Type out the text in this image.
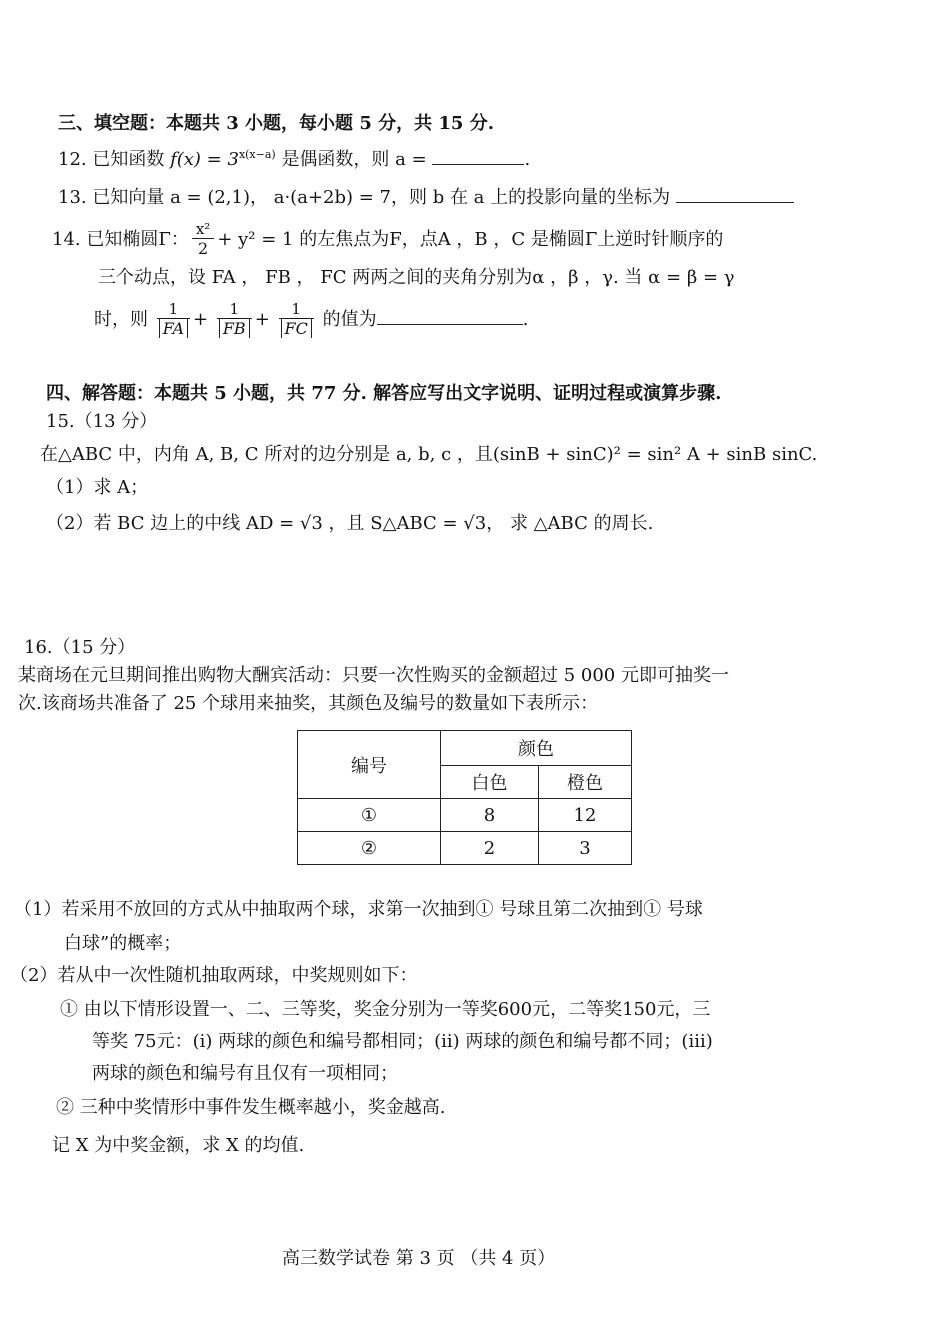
三、填空题：本题共 3 小题，每小题 5 分，共 15 分.
12. 已知函数 $f(x) = 3^{x(x-a)}$ 是偶函数，则 a =	.
13. 已知向量 a = (2,1)， a·(a+2b) = 7，则 b 在 a 上的投影向量的坐标为
14. 已知椭圆Γ： $\frac{\text{x²}}{2} + y^2 = 1$ 的左焦点为F，点A ，B ，C 是椭圆Γ上逆时针顺序的
三个动点，设 FA ， FB ， FC 两两之间的夹角分别为α ，β ，γ. 当 α = β = γ
时，则 $\frac{1}{FA} + \frac{1}{FB} + \frac{1}{FC}$ 的值为	.
四、解答题：本题共 5 小题，共 77 分. 解答应写出文字说明、证明过程或演算步骤.
15.（13 分）
在△ABC 中，内角 A, B, C 所对的边分别是 a, b, c ，且(sinB + sinC)² = sin² A + sinB sinC.
（1）求 A；
（2）若 BC 边上的中线 AD = √3 ，且 S△ABC = √3， 求 △ABC 的周长.
16.（15 分）
某商场在元旦期间推出购物大酬宾活动：只要一次性购买的金额超过 5 000 元即可抽奖一
次.该商场共准备了 25 个球用来抽奖，其颜色及编号的数量如下表所示：
编号	颜色	
	白色	橙色
①	8	12
②	2	3
（1）若采用不放回的方式从中抽取两个球，求第一次抽到① 号球且第二次抽到① 号球
白球”的概率；
（2）若从中一次性随机抽取两球，中奖规则如下：
① 由以下情形设置一、二、三等奖，奖金分别为一等奖600元，二等奖150元，三
等奖 75元：(i) 两球的颜色和编号都相同；(ii) 两球的颜色和编号都不同；(iii)
两球的颜色和编号有且仅有一项相同；
② 三种中奖情形中事件发生概率越小，奖金越高.
记 X 为中奖金额，求 X 的均值.
高三数学试卷 第 3 页 （共 4 页）
